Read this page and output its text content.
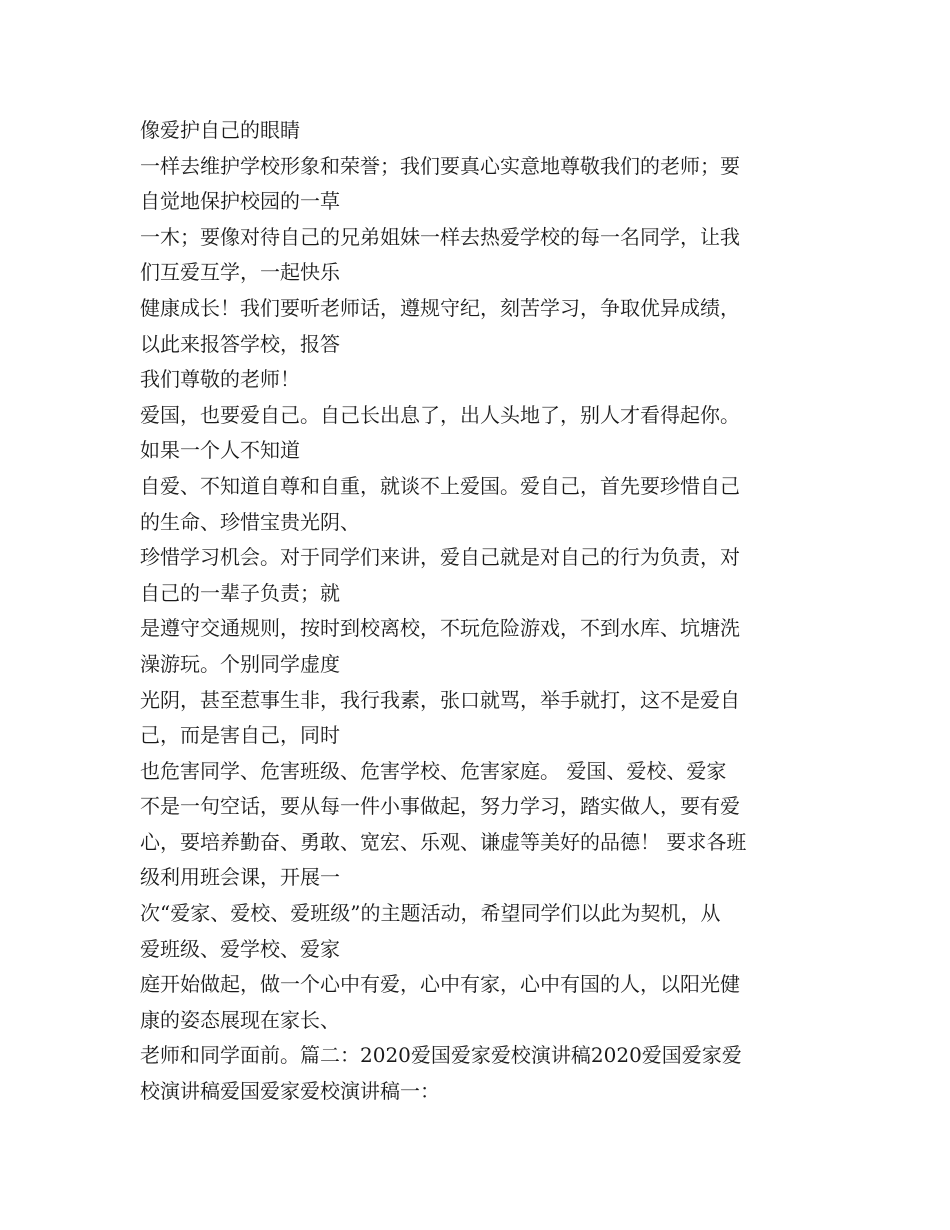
像爱护自己的眼睛
一样去维护学校形象和荣誉；我们要真心实意地尊敬我们的老师；要
自觉地保护校园的一草
一木；要像对待自己的兄弟姐妹一样去热爱学校的每一名同学，让我
们互爱互学，一起快乐
健康成长！我们要听老师话，遵规守纪，刻苦学习，争取优异成绩，
以此来报答学校，报答
我们尊敬的老师！
爱国，也要爱自己。自己长出息了，出人头地了，别人才看得起你。
如果一个人不知道
自爱、不知道自尊和自重，就谈不上爱国。爱自己，首先要珍惜自己
的生命、珍惜宝贵光阴、
珍惜学习机会。对于同学们来讲，爱自己就是对自己的行为负责，对
自己的一辈子负责；就
是遵守交通规则，按时到校离校，不玩危险游戏，不到水库、坑塘洗
澡游玩。个别同学虚度
光阴，甚至惹事生非，我行我素，张口就骂，举手就打，这不是爱自
己，而是害自己，同时
也危害同学、危害班级、危害学校、危害家庭。 爱国、爱校、爱家
不是一句空话，要从每一件小事做起，努力学习，踏实做人，要有爱
心，要培养勤奋、勇敢、宽宏、乐观、谦虚等美好的品德！ 要求各班
级利用班会课，开展一
次“爱家、爱校、爱班级”的主题活动，希望同学们以此为契机，从
爱班级、爱学校、爱家
庭开始做起，做一个心中有爱，心中有家，心中有国的人，以阳光健
康的姿态展现在家长、
老师和同学面前。篇二：2020爱国爱家爱校演讲稿2020爱国爱家爱
校演讲稿爱国爱家爱校演讲稿一：
